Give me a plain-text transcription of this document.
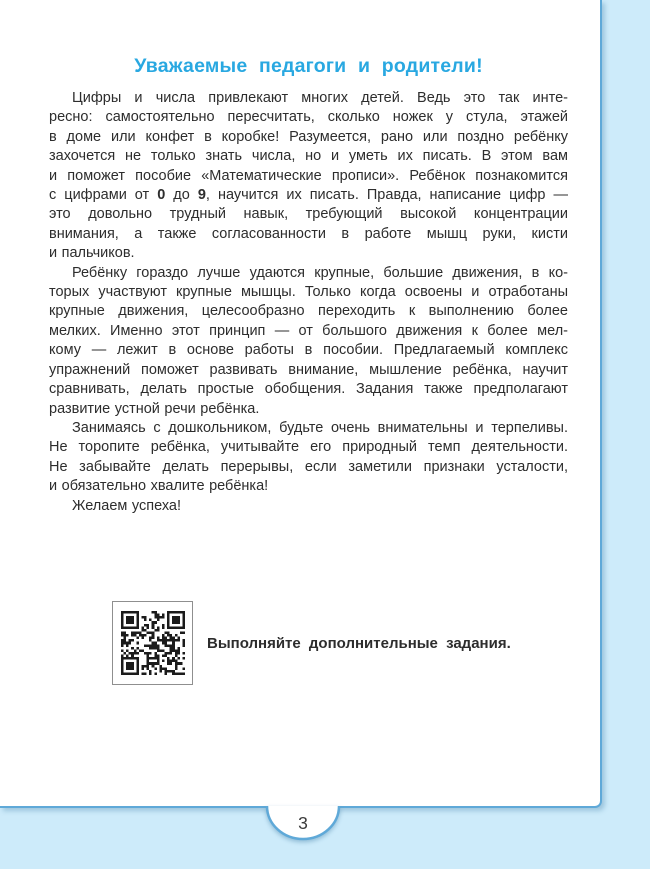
Уважаемые педагоги и родители!
Цифры и числа привлекают многих детей. Ведь это так инте-
ресно: самостоятельно пересчитать, сколько ножек у стула, этажей
в доме или конфет в коробке! Разумеется, рано или поздно ребёнку
захочется не только знать числа, но и уметь их писать. В этом вам
и поможет пособие «Математические прописи». Ребёнок познакомится
с цифрами от 0 до 9, научится их писать. Правда, написание цифр —
это довольно трудный навык, требующий высокой концентрации
внимания, а также согласованности в работе мышц руки, кисти
и пальчиков.
Ребёнку гораздо лучше удаются крупные, большие движения, в ко-
торых участвуют крупные мышцы. Только когда освоены и отработаны
крупные движения, целесообразно переходить к выполнению более
мелких. Именно этот принцип — от большого движения к более мел-
кому — лежит в основе работы в пособии. Предлагаемый комплекс
упражнений поможет развивать внимание, мышление ребёнка, научит
сравнивать, делать простые обобщения. Задания также предполагают
развитие устной речи ребёнка.
Занимаясь с дошкольником, будьте очень внимательны и терпеливы.
Не торопите ребёнка, учитывайте его природный темп деятельности.
Не забывайте делать перерывы, если заметили признаки усталости,
и обязательно хвалите ребёнка!
Желаем успеха!
Выполняйте дополнительные задания.
3
